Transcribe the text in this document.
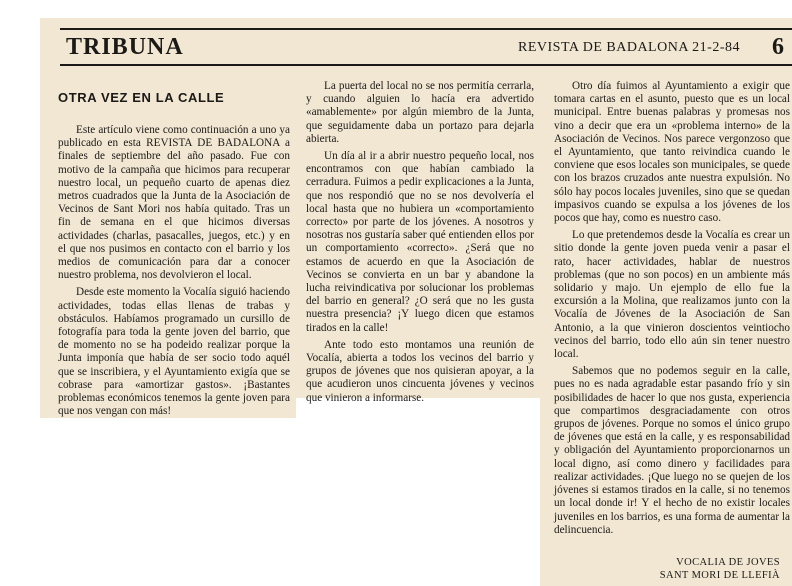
TRIBUNA	REVISTA DE BADALONA 21-2-84 6
OTRA VEZ EN LA CALLE

Este artículo viene como continuación a uno ya publicado en esta REVISTA DE BADALONA a finales de septiembre del año pasado. Fue con motivo de la campaña que hicimos para recuperar nuestro local, un pequeño cuarto de apenas diez metros cuadrados que la Junta de la Asociación de Vecinos de Sant Mori nos había quitado. Tras un fin de semana en el que hicimos diversas actividades (charlas, pasacalles, juegos, etc.) y en el que nos pusimos en contacto con el barrio y los medios de comunicación para dar a conocer nuestro problema, nos devolvieron el local.

Desde este momento la Vocalía siguió haciendo actividades, todas ellas llenas de trabas y obstáculos. Habíamos programado un cursillo de fotografía para toda la gente joven del barrio, que de momento no se ha podeido realizar porque la Junta imponía que había de ser socio todo aquél que se inscribiera, y el Ayuntamiento exigía que se cobrase para «amortizar gastos». ¡Bastantes problemas económicos tenemos la gente joven para que nos vengan con más!

La puerta del local no se nos permitía cerrarla, y cuando alguien lo hacía era advertido «amablemente» por algún miembro de la Junta, que seguidamente daba un portazo para dejarla abierta.

Un día al ir a abrir nuestro pequeño local, nos encontramos con que habían cambiado la cerradura. Fuimos a pedir explicaciones a la Junta, que nos respondió que no se nos devolvería el local hasta que no hubiera un «comportamiento correcto» por parte de los jóvenes. A nosotros y nosotras nos gustaría saber qué entienden ellos por un comportamiento «correcto». ¿Será que no estamos de acuerdo en que la Asociación de Vecinos se convierta en un bar y abandone la lucha reivindicativa por solucionar los problemas del barrio en general? ¿O será que no les gusta nuestra presencia? ¡Y luego dicen que estamos tirados en la calle!

Ante todo esto montamos una reunión de Vocalía, abierta a todos los vecinos del barrio y grupos de jóvenes que nos quisieran apoyar, a la que acudieron unos cincuenta jóvenes y vecinos que vinieron a informarse.

Otro día fuimos al Ayuntamiento a exigir que tomara cartas en el asunto, puesto que es un local municipal. Entre buenas palabras y promesas nos vino a decir que era un «problema interno» de la Asociación de Vecinos. Nos parece vergonzoso que el Ayuntamiento, que tanto reivindica cuando le conviene que esos locales son municipales, se quede con los brazos cruzados ante nuestra expulsión. No sólo hay pocos locales juveniles, sino que se quedan impasivos cuando se expulsa a los jóvenes de los pocos que hay, como es nuestro caso.

Lo que pretendemos desde la Vocalía es crear un sitio donde la gente joven pueda venir a pasar el rato, hacer actividades, hablar de nuestros problemas (que no son pocos) en un ambiente más solidario y majo. Un ejemplo de ello fue la excursión a la Molina, que realizamos junto con la Vocalía de Jóvenes de la Asociación de San Antonio, a la que vinieron doscientos veintiocho vecinos del barrio, todo ello aún sin tener nuestro local.

Sabemos que no podemos seguir en la calle, pues no es nada agradable estar pasando frío y sin posibilidades de hacer lo que nos gusta, experiencia que compartimos desgraciadamente con otros grupos de jóvenes. Porque no somos el único grupo de jóvenes que está en la calle, y es responsabilidad y obligación del Ayuntamiento proporcionarnos un local digno, así como dinero y facilidades para realizar actividades. ¡Que luego no se quejen de los jóvenes si estamos tirados en la calle, si no tenemos un local donde ir! Y el hecho de no existir locales juveniles en los barrios, es una forma de aumentar la delincuencia.

VOCALIA DE JOVES
SANT MORI DE LLEFIÀ
